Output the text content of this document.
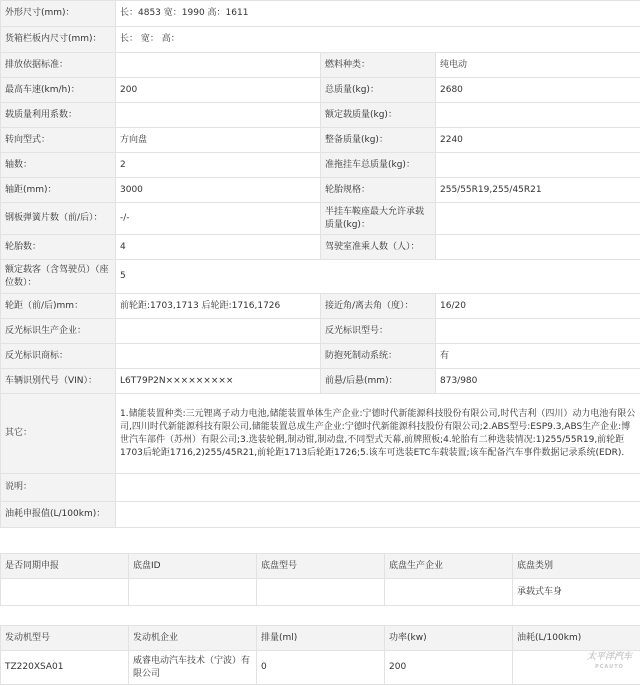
外形尺寸(mm)：	长：4853 宽：1990 高：1611		
货箱栏板内尺寸(mm)：	长： 宽： 高：		
排放依据标准：		燃料种类：	纯电动
最高车速(km/h)：	200	总质量(kg)：	2680
载质量利用系数：		额定载质量(kg)：	
转向型式：	方向盘	整备质量(kg)：	2240
轴数：	2	准拖挂车总质量(kg)：	
轴距(mm)：	3000	轮胎规格：	255/55R19,255/45R21
钢板弹簧片数（前/后）：	-/-	半挂车鞍座最大允许承载质量(kg)：	
轮胎数：	4	驾驶室准乘人数（人）：	
额定载客（含驾驶员）（座位数）：	5		
轮距（前/后)mm：	前轮距:1703,1713 后轮距:1716,1726	接近角/离去角（度）：	16/20
反光标识生产企业：		反光标识型号：	
反光标识商标：		防抱死制动系统：	有
车辆识别代号（VIN）：	L6T79P2N×××××××××	前悬/后悬(mm)：	873/980
其它：	1.储能装置种类:三元锂离子动力电池,储能装置单体生产企业:宁德时代新能源科技股份有限公司,时代吉利（四川）动力电池有限公司,四川时代新能源科技有限公司,储能装置总成生产企业:宁德时代新能源科技股份有限公司;2.ABS型号:ESP9.3,ABS生产企业:博世汽车部件（苏州）有限公司;3.选装轮辋,制动钳,制动盘,不同型式天幕,前牌照板;4.轮胎有二种选装情况:1)255/55R19,前轮距1703后轮距1716,2)255/45R21,前轮距1713后轮距1726;5.该车可选装ETC车载装置;该车配备汽车事件数据记录系统(EDR).		
说明：			
油耗申报值(L/100km)：			
是否同期申报	底盘ID	底盘型号	底盘生产企业	底盘类别
				承载式车身
发动机型号	发动机企业	排量(ml)	功率(kw)	油耗(L/100km)
TZ220XSA01	威睿电动汽车技术（宁波）有限公司	0	200	
太平洋汽车
PCAUTO
